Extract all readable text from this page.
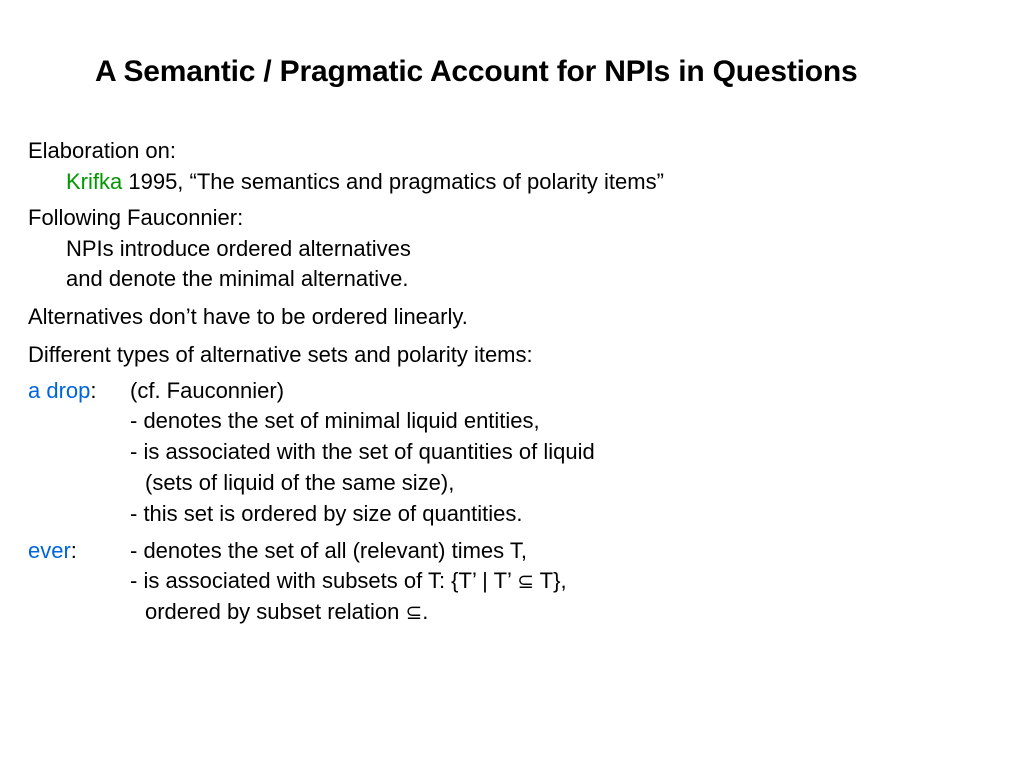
A Semantic / Pragmatic Account for NPIs in Questions
Elaboration on:
Krifka 1995, “The semantics and pragmatics of polarity items”
Following Fauconnier:
NPIs introduce ordered alternatives
and denote the minimal alternative.
Alternatives don’t have to be ordered linearly.
Different types of alternative sets and polarity items:
a drop: (cf. Fauconnier)
- denotes the set of minimal liquid entities,
- is associated with the set of quantities of liquid
(sets of liquid of the same size),
- this set is ordered by size of quantities.
ever: - denotes the set of all (relevant) times T,
- is associated with subsets of T: {T’ | T’ ⊆ T},
ordered by subset relation ⊆.
